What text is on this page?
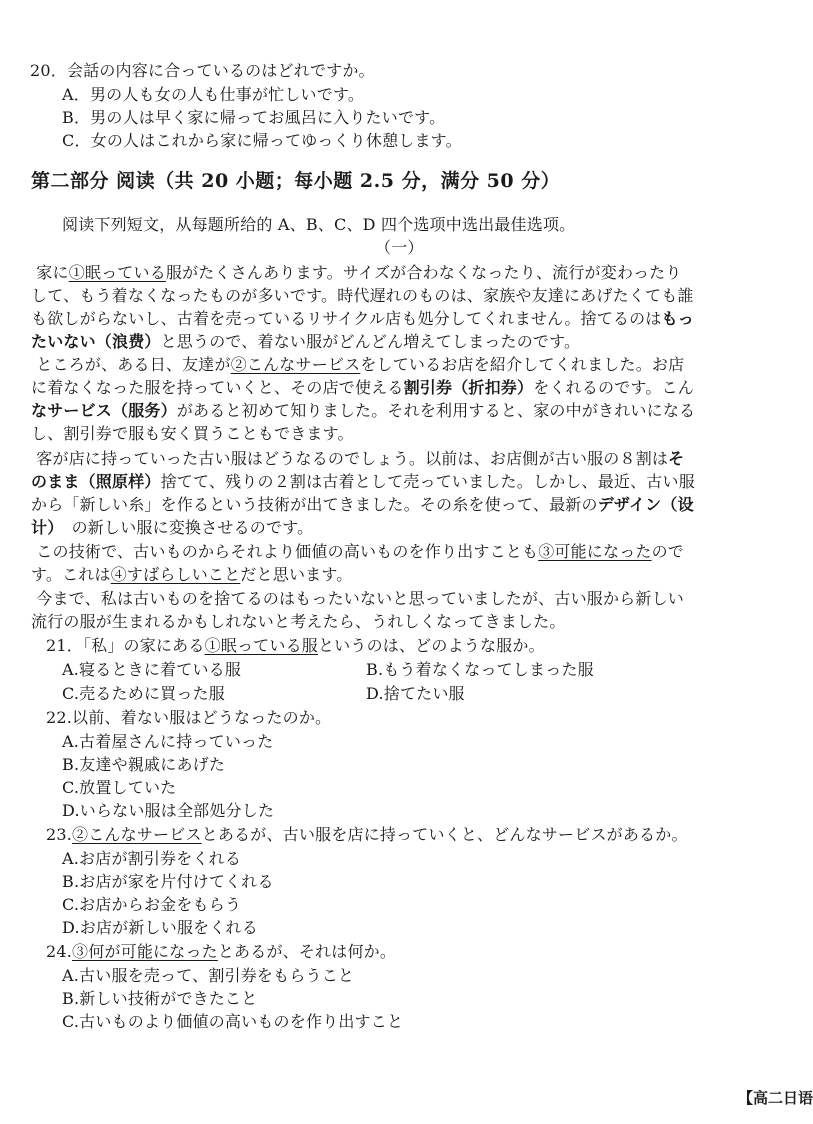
20．会話の内容に合っているのはどれですか。
A．男の人も女の人も仕事が忙しいです。
B．男の人は早く家に帰ってお風呂に入りたいです。
C．女の人はこれから家に帰ってゆっくり休憩します。
第二部分 阅读（共 20 小题；每小题 2.5 分，满分 50 分）
阅读下列短文，从每题所给的 A、B、C、D 四个选项中选出最佳选项。
（一）
家に①眠っている服がたくさんあります。サイズが合わなくなったり、流行が変わったり
して、もう着なくなったものが多いです。時代遅れのものは、家族や友達にあげたくても誰
も欲しがらないし、古着を売っているリサイクル店も処分してくれません。捨てるのはもっ
たいない（浪费）と思うので、着ない服がどんどん増えてしまったのです。
ところが、ある日、友達が②こんなサービスをしているお店を紹介してくれました。お店
に着なくなった服を持っていくと、その店で使える割引券（折扣券）をくれるのです。こん
なサービス（服务）があると初めて知りました。それを利用すると、家の中がきれいになる
し、割引券で服も安く買うこともできます。
客が店に持っていった古い服はどうなるのでしょう。以前は、お店側が古い服の８割はそ
のまま（照原样）捨てて、残りの２割は古着として売っていました。しかし、最近、古い服
から「新しい糸」を作るという技術が出てきました。その糸を使って、最新のデザイン（设
计）　の新しい服に変換させるのです。
この技術で、古いものからそれより価値の高いものを作り出すことも③可能になったので
す。これは④すばらしいことだと思います。
今まで、私は古いものを捨てるのはもったいないと思っていましたが、古い服から新しい
流行の服が生まれるかもしれないと考えたら、うれしくなってきました。
21．「私」の家にある①眠っている服というのは、どのような服か。
A.寝るときに着ている服	B.もう着なくなってしまった服
C.売るために買った服	D.捨てたい服
22.以前、着ない服はどうなったのか。
A.古着屋さんに持っていった
B.友達や親戚にあげた
C.放置していた
D.いらない服は全部処分した
23.②こんなサービスとあるが、古い服を店に持っていくと、どんなサービスがあるか。
A.お店が割引券をくれる
B.お店が家を片付けてくれる
C.お店からお金をもらう
D.お店が新しい服をくれる
24.③何が可能になったとあるが、それは何か。
A.古い服を売って、割引券をもらうこと
B.新しい技術ができたこと
C.古いものより価値の高いものを作り出すこと
【高二日语
